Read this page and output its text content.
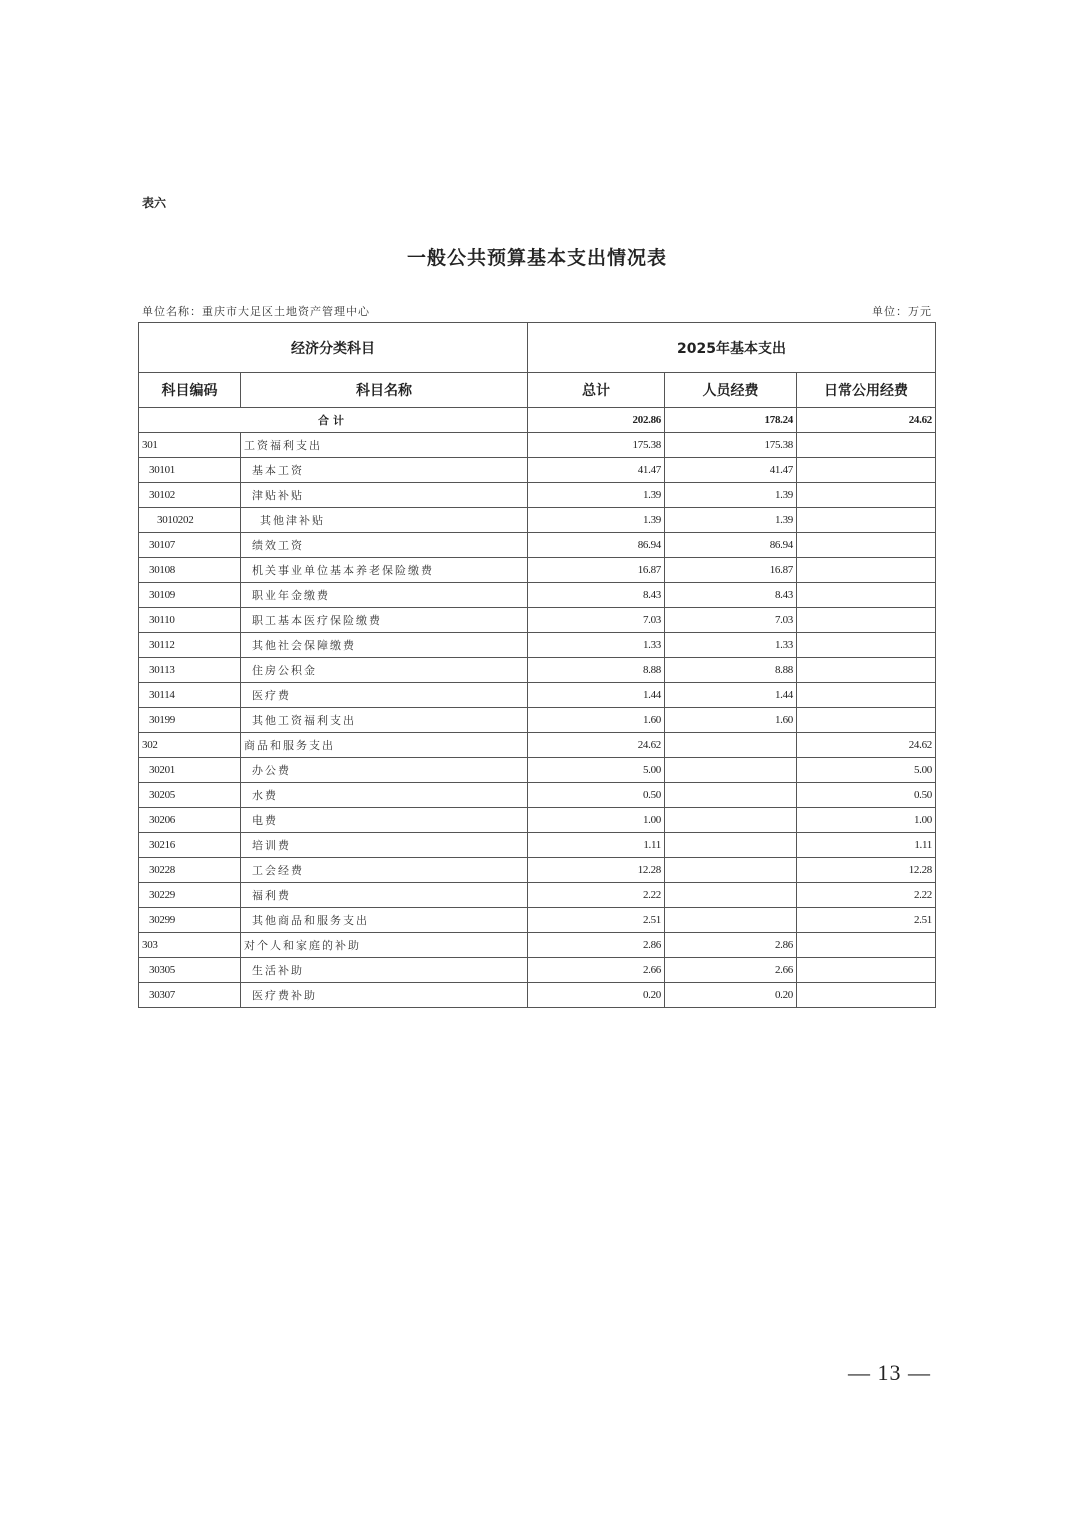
表六
一般公共预算基本支出情况表
单位名称：重庆市大足区土地资产管理中心	单位：万元
经济分类科目		2025年基本支出		
科目编码	科目名称	总计	人员经费	日常公用经费
合计		202.86	178.24	24.62
301	工资福利支出	175.38	175.38	
30101	基本工资	41.47	41.47	
30102	津贴补贴	1.39	1.39	
3010202	其他津补贴	1.39	1.39	
30107	绩效工资	86.94	86.94	
30108	机关事业单位基本养老保险缴费	16.87	16.87	
30109	职业年金缴费	8.43	8.43	
30110	职工基本医疗保险缴费	7.03	7.03	
30112	其他社会保障缴费	1.33	1.33	
30113	住房公积金	8.88	8.88	
30114	医疗费	1.44	1.44	
30199	其他工资福利支出	1.60	1.60	
302	商品和服务支出	24.62		24.62
30201	办公费	5.00		5.00
30205	水费	0.50		0.50
30206	电费	1.00		1.00
30216	培训费	1.11		1.11
30228	工会经费	12.28		12.28
30229	福利费	2.22		2.22
30299	其他商品和服务支出	2.51		2.51
303	对个人和家庭的补助	2.86	2.86	
30305	生活补助	2.66	2.66	
30307	医疗费补助	0.20	0.20	
— 13 —
